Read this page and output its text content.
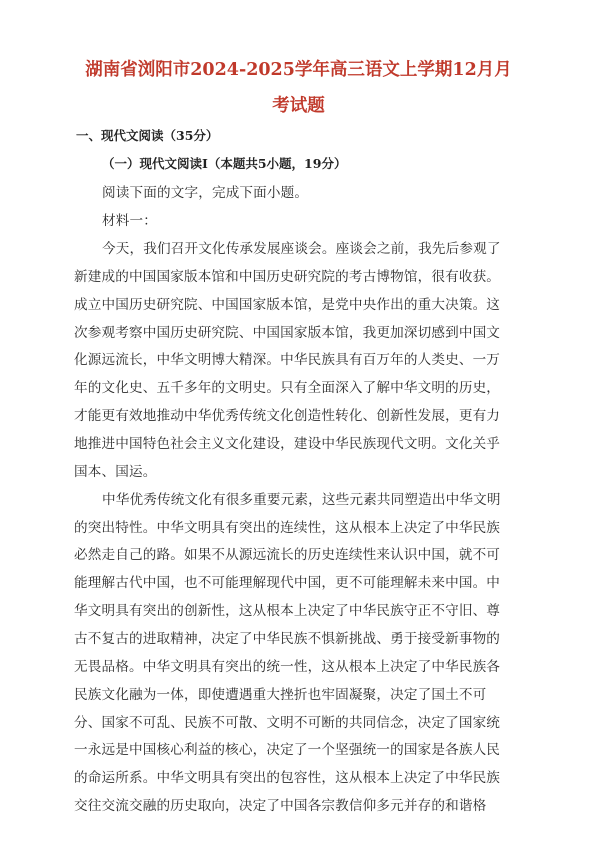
湖南省浏阳市2024-2025学年高三语文上学期12月月
考试题
一、现代文阅读（35分）
（一）现代文阅读Ⅰ（本题共5小题，19分）
阅读下面的文字，完成下面小题。
材料一：
今天，我们召开文化传承发展座谈会。座谈会之前，我先后参观了
新建成的中国国家版本馆和中国历史研究院的考古博物馆，很有收获。
成立中国历史研究院、中国国家版本馆，是党中央作出的重大决策。这
次参观考察中国历史研究院、中国国家版本馆，我更加深切感到中国文
化源远流长，中华文明博大精深。中华民族具有百万年的人类史、一万
年的文化史、五千多年的文明史。只有全面深入了解中华文明的历史，
才能更有效地推动中华优秀传统文化创造性转化、创新性发展，更有力
地推进中国特色社会主义文化建设，建设中华民族现代文明。文化关乎
国本、国运。
中华优秀传统文化有很多重要元素，这些元素共同塑造出中华文明
的突出特性。中华文明具有突出的连续性，这从根本上决定了中华民族
必然走自己的路。如果不从源远流长的历史连续性来认识中国，就不可
能理解古代中国，也不可能理解现代中国，更不可能理解未来中国。中
华文明具有突出的创新性，这从根本上决定了中华民族守正不守旧、尊
古不复古的进取精神，决定了中华民族不惧新挑战、勇于接受新事物的
无畏品格。中华文明具有突出的统一性，这从根本上决定了中华民族各
民族文化融为一体，即使遭遇重大挫折也牢固凝聚，决定了国土不可
分、国家不可乱、民族不可散、文明不可断的共同信念，决定了国家统
一永远是中国核心利益的核心，决定了一个坚强统一的国家是各族人民
的命运所系。中华文明具有突出的包容性，这从根本上决定了中华民族
交往交流交融的历史取向，决定了中国各宗教信仰多元并存的和谐格
